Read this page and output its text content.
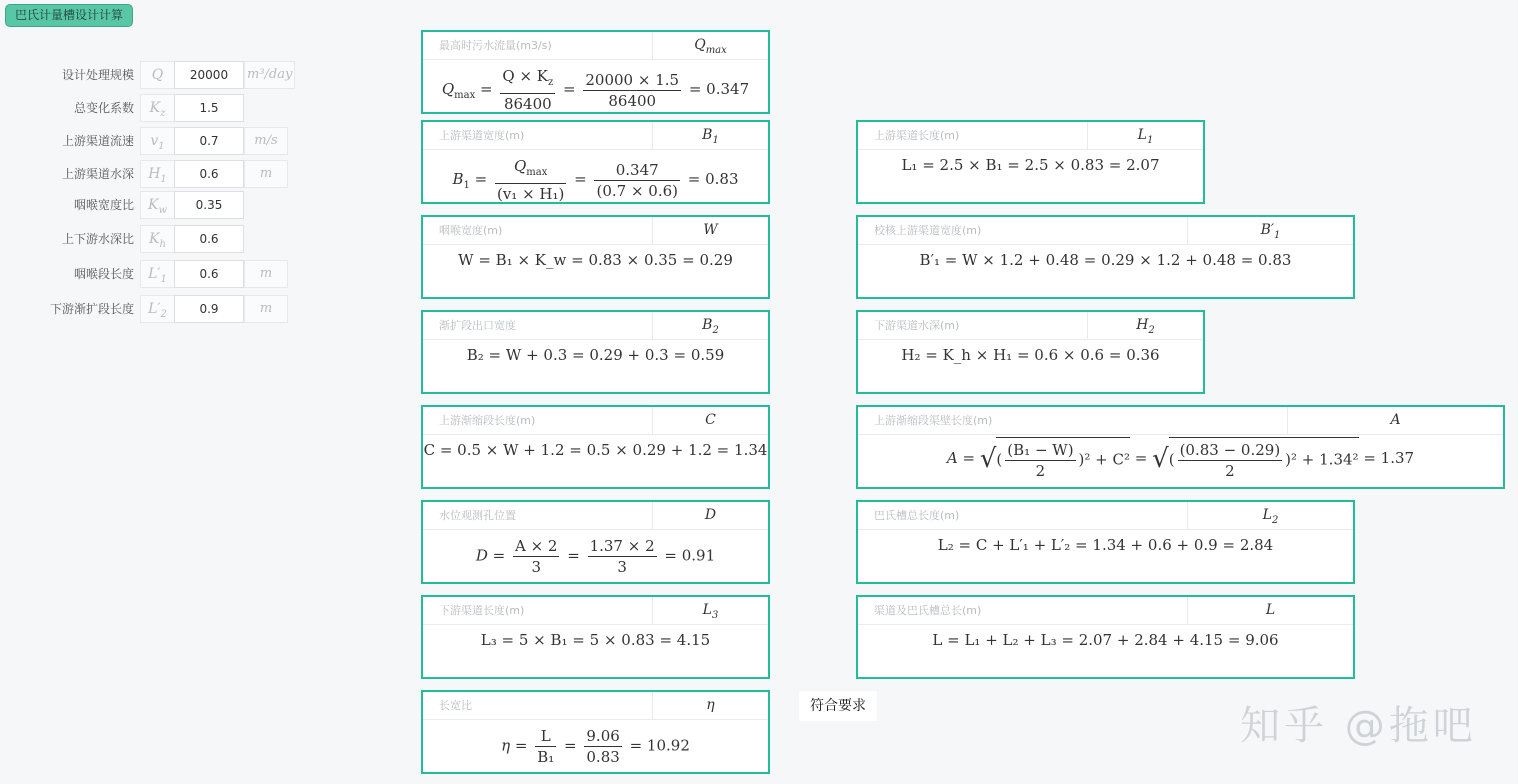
巴氏计量槽设计计算
设计处理规模	Q	20000	m³/day
总变化系数	$K_z$	1.5
上游渠道流速	$v_1$	0.7	m/s
上游渠道水深	$H_1$	0.6	m
咽喉宽度比 $K_w$	0.35
上下游水深比	$K_h$	0.6
咽喉段长度	$L'_1$	0.6	m
下游渐扩段长度	$L'_2$	0.9	m
最高时污水流量(m3/s)	$Q_{max}$
$Q_{max} = \frac{Q \times K_z}{86400} = \frac{20000 \times 1.5}{86400} = 0.347$
上游渠道宽度(m)	$B_1$
$B_1 = \frac{Q_{max}}{\text{(v₁ × H₁)}} = \frac{0.347}{(0.7 \times 0.6)} = 0.83$
上游渠道长度(m)	$L_1$
L₁ = 2.5 × B₁ = 2.5 × 0.83 = 2.07
咽喉宽度(m)	W
W = B₁ × K_w = 0.83 × 0.35 = 0.29
校核上游渠道宽度(m)	$B'_1$
B′₁ = W × 1.2 + 0.48 = 0.29 × 1.2 + 0.48 = 0.83
渐扩段出口宽度	$B_2$
B₂ = W + 0.3 = 0.29 + 0.3 = 0.59
下游渠道水深(m)	$H_2$
H₂ = K_h × H₁ = 0.6 × 0.6 = 0.36
上游渐缩段长度(m)	C
C = 0.5 × W + 1.2 = 0.5 × 0.29 + 1.2 = 1.34
上游渐缩段渠壁长度(m)	A
A = √( $\frac{\text{(B₁ − W)}}{2} )^2 + C^2$ = √( $\frac{(0.83 - 0.29)}{2} )^2 + 1.34^2 = 1.37$
水位观测孔位置	D
$D = \frac{A \times 2}{3} = \frac{1.37 \times 2}{3} = 0.91$
巴氏槽总长度(m)	$L_2$
L₂ = C + L′₁ + L′₂ = 1.34 + 0.6 + 0.9 = 2.84
下游渠道长度(m)	$L_3$
L₃ = 5 × B₁ = 5 × 0.83 = 4.15
渠道及巴氏槽总长(m)	L
L = L₁ + L₂ + L₃ = 2.07 + 2.84 + 4.15 = 9.06
长宽比	η
$\eta = \frac{L}{\text{B₁}} = \frac{9.06}{0.83} = 10.92$
符合要求	知乎 @拖吧
